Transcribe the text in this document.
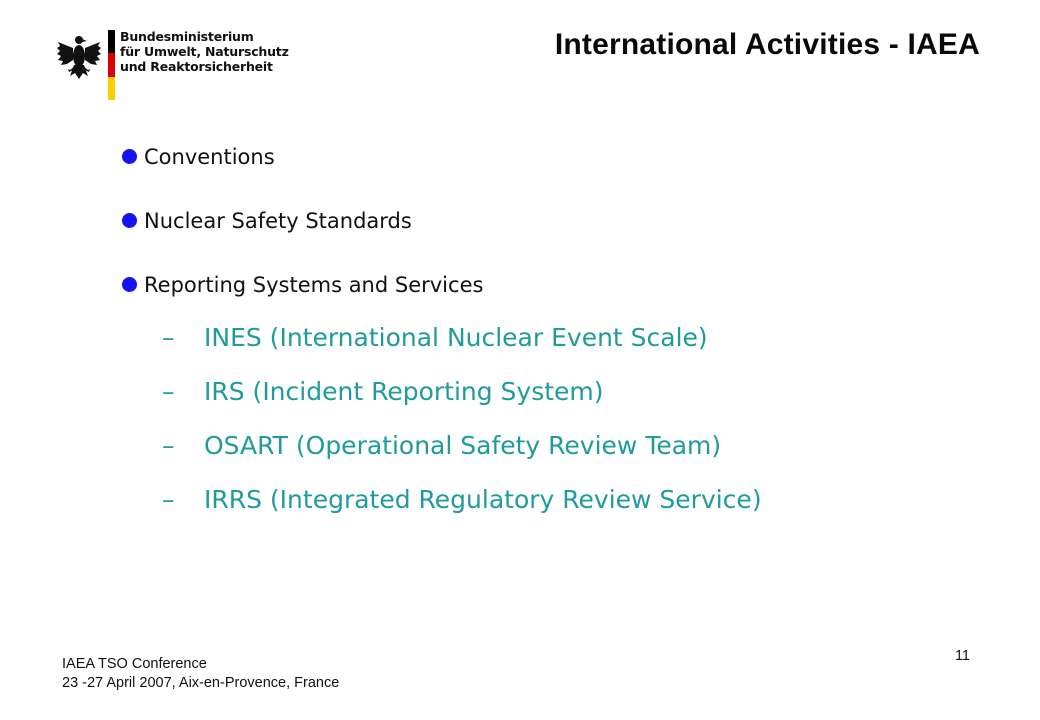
Bundesministerium
für Umwelt, Naturschutz
und Reaktorsicherheit
International Activities - IAEA
Conventions
Nuclear Safety Standards
Reporting Systems and Services
–	INES (International Nuclear Event Scale)
–	IRS (Incident Reporting System)
–	OSART (Operational Safety Review Team)
–	IRRS (Integrated Regulatory Review Service)
IAEA TSO Conference
23 -27 April 2007, Aix-en-Provence, France
11
